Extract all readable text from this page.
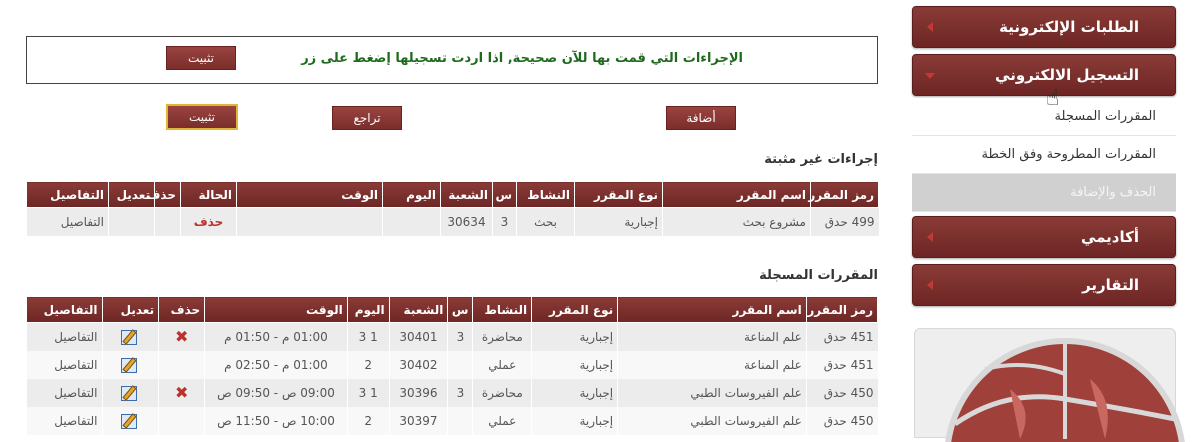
الطلبات الإلكترونية
التسجيل الالكتروني
المقررات المسجلة
المقررات المطروحة وفق الخطة
الحذف والإضافة
أكاديمي
التقارير
☝
الإجراءات التي قمت بها للآن صحيحة, اذا اردت تسجيلها إضغط على زر
تثبيت
أضافة
تراجع
تثبيت
إجراءات غير مثبتة
رمز المقرر	اسم المقرر	نوع المقرر	النشاط	س	الشعبة	اليوم	الوقت	الحالة	حذف	تعديل	التفاصيل
499 حدق	مشروع بحث	إجبارية	بحث	3	30634			حذف			التفاصيل
المقررات المسجلة
رمز المقرر	اسم المقرر	نوع المقرر	النشاط	س	الشعبة	اليوم	الوقت	حذف	تعديل	التفاصيل
451 حدق	علم المناعة	إجبارية	محاضرة	3	30401	1 3	01:00 م - 01:50 م	✖		التفاصيل
451 حدق	علم المناعة	إجبارية	عملي		30402	2	01:00 م - 02:50 م			التفاصيل
450 حدق	علم الفيروسات الطبي	إجبارية	محاضرة	3	30396	1 3	09:00 ص - 09:50 ص	✖		التفاصيل
450 حدق	علم الفيروسات الطبي	إجبارية	عملي		30397	2	10:00 ص - 11:50 ص			التفاصيل
